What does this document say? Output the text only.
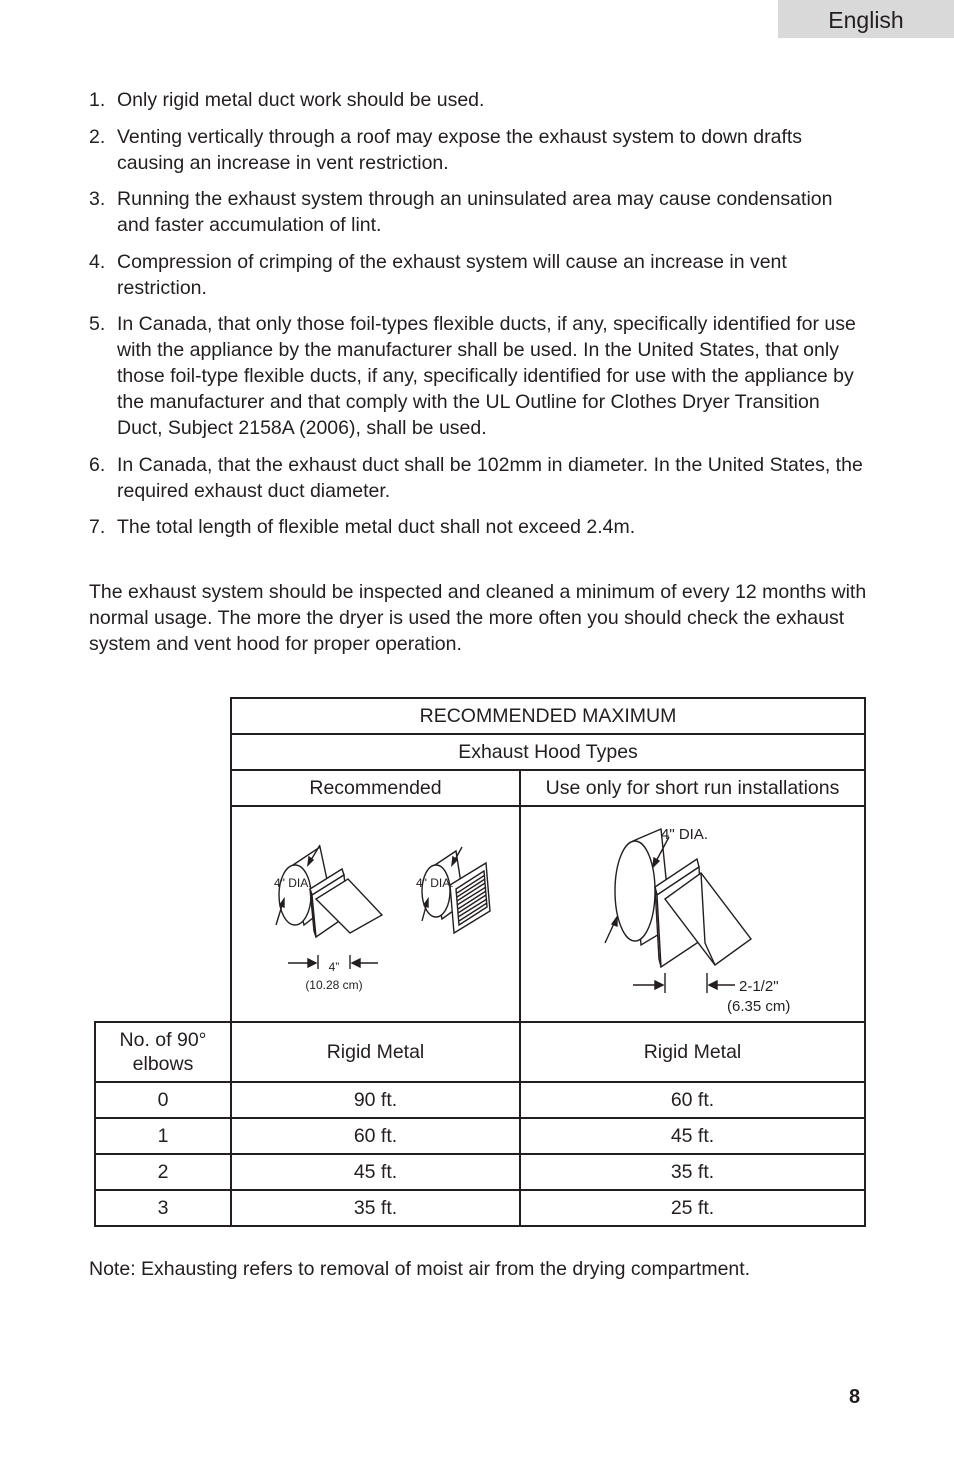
English
1. Only rigid metal duct work should be used.
2. Venting vertically through a roof may expose the exhaust system to down drafts causing an increase in vent restriction.
3. Running the exhaust system through an uninsulated area may cause condensation and faster accumulation of lint.
4. Compression of crimping of the exhaust system will cause an increase in vent restriction.
5. In Canada, that only those foil-types flexible ducts, if any, specifically identified for use with the appliance by the manufacturer shall be used. In the United States, that only those foil-type flexible ducts, if any, specifically identified for use with the appliance by the manufacturer and that comply with the UL Outline for Clothes Dryer Transition Duct, Subject 2158A (2006), shall be used.
6. In Canada, that the exhaust duct shall be 102mm in diameter. In the United States, the required exhaust duct diameter.
7. The total length of flexible metal duct shall not exceed 2.4m.

The exhaust system should be inspected and cleaned a minimum of every 12 months with normal usage. The more the dryer is used the more often you should check the exhaust system and vent hood for proper operation.

	RECOMMENDED MAXIMUM	
	Exhaust Hood Types	
	Recommended	Use only for short run installations

4" DIA. 4" DIA.
4”
(10.28 cm)	4" DIA.
2-1/2"
(6.35 cm)

No. of 90° elbows	Rigid Metal	Rigid Metal
0	90 ft.	60 ft.
1	60 ft.	45 ft.
2	45 ft.	35 ft.
3	35 ft.	25 ft.

Note: Exhausting refers to removal of moist air from the drying compartment.

8
